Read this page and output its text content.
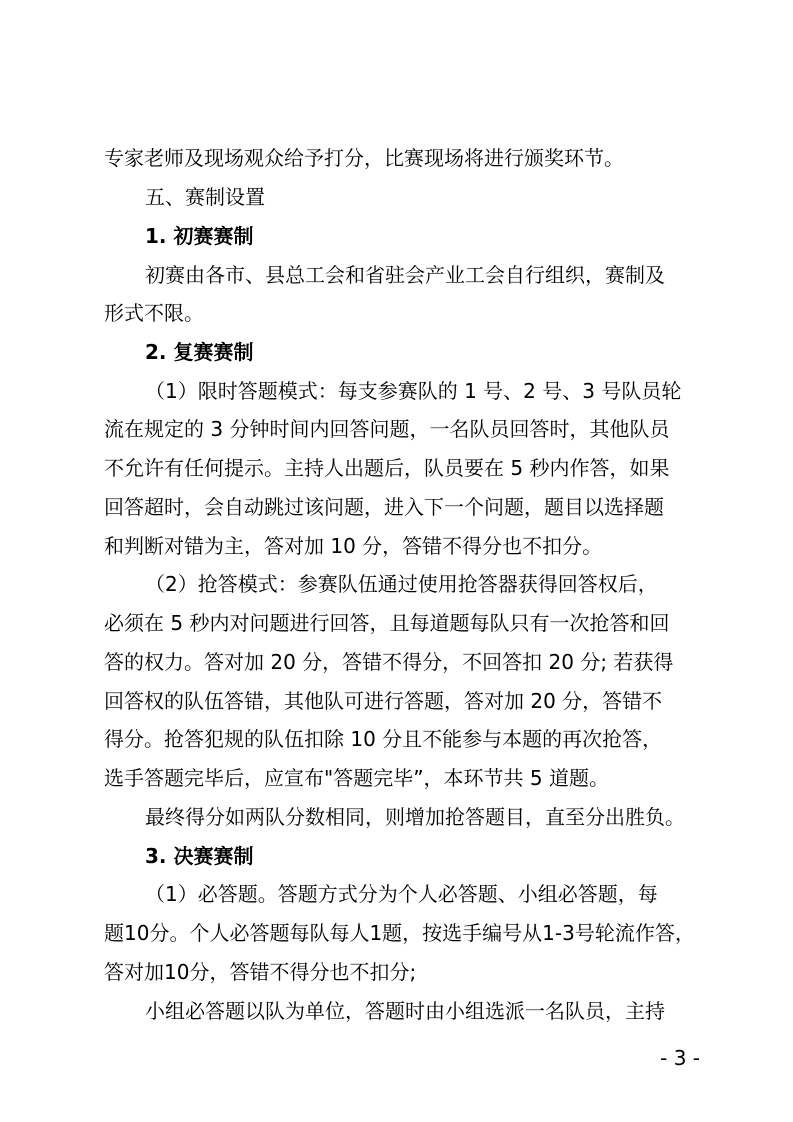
专家老师及现场观众给予打分，比赛现场将进行颁奖环节。
五、赛制设置
1. 初赛赛制
初赛由各市、县总工会和省驻会产业工会自行组织，赛制及
形式不限。
2. 复赛赛制
（1）限时答题模式：每支参赛队的 1 号、2 号、3 号队员轮
流在规定的 3 分钟时间内回答问题，一名队员回答时，其他队员
不允许有任何提示。主持人出题后，队员要在 5 秒内作答，如果
回答超时，会自动跳过该问题，进入下一个问题，题目以选择题
和判断对错为主，答对加 10 分，答错不得分也不扣分。
（2）抢答模式：参赛队伍通过使用抢答器获得回答权后，
必须在 5 秒内对问题进行回答，且每道题每队只有一次抢答和回
答的权力。答对加 20 分，答错不得分，不回答扣 20 分; 若获得
回答权的队伍答错，其他队可进行答题，答对加 20 分，答错不
得分。抢答犯规的队伍扣除 10 分且不能参与本题的再次抢答，
选手答题完毕后，应宣布"答题完毕”，本环节共 5 道题。
最终得分如两队分数相同，则增加抢答题目，直至分出胜负。
3. 决赛赛制
（1）必答题。答题方式分为个人必答题、小组必答题，每
题10分。个人必答题每队每人1题，按选手编号从1-3号轮流作答，
答对加10分，答错不得分也不扣分;
小组必答题以队为单位，答题时由小组选派一名队员，主持
- 3 -
